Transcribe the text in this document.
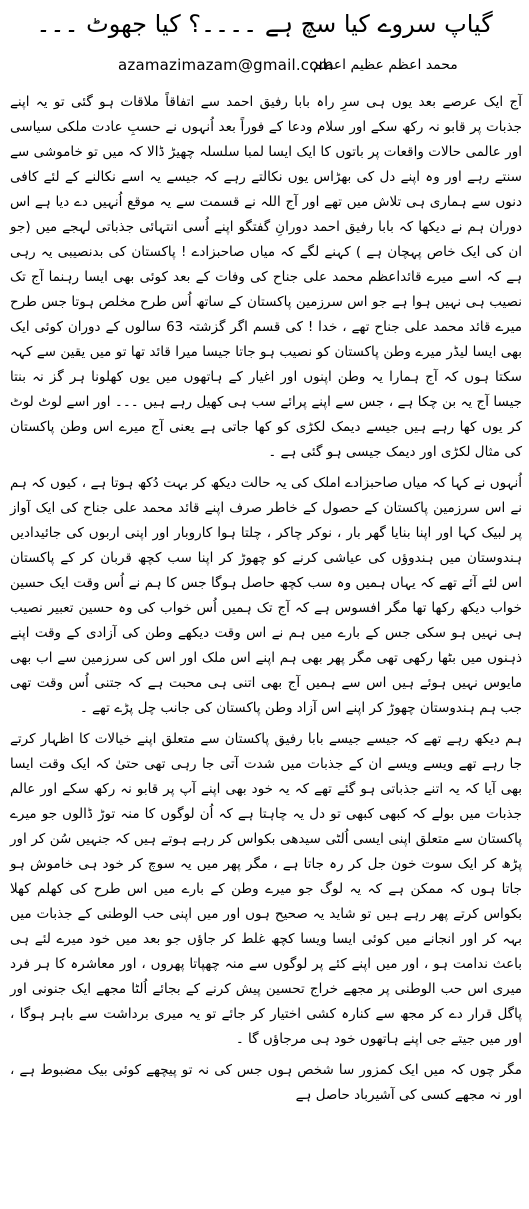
گیاپ سروے کیا سچ ہے ۔۔۔۔؟ کیا جھوٹ ۔۔۔
azamazimazam@gmail.com
محمد اعظم عظیم اعظم

آج ایک عرصے بعد یوں ہی سرِ راہ بابا رفیق احمد سے اتفاقاً ملاقات ہو گئی تو یہ اپنے جذبات پر قابو نہ رکھ سکے اور سلام ودعا کے فوراً بعد اُنہوں نے حسبِ عادت ملکی سیاسی اور عالمی حالات واقعات پر باتوں کا ایک ایسا لمبا سلسلہ چھیڑ ڈالا کہ میں تو خاموشی سے سنتے رہے اور وہ اپنے دل کی بھڑاس یوں نکالتے رہے کہ جیسے یہ اسے نکالنے کے لئے کافی دنوں سے ہماری ہی تلاش میں تھے اور آج اللہ نے قسمت سے یہ موقع اُنہیں دے دیا ہے اس دوران ہم نے دیکھا کہ بابا رفیق احمد دورانِ گفتگو اپنے اُسی انتہائی جذباتی لہجے میں (جو ان کی ایک خاص پہچان ہے ) کہنے لگے کہ میاں صاحبزادے ! پاکستان کی بدنصیبی یہ رہی ہے کہ اسے میرے قائداعظم محمد علی جناح کی وفات کے بعد کوئی بھی ایسا رہنما آج تک نصیب ہی نہیں ہوا ہے جو اس سرزمین پاکستان کے ساتھ اُس طرح مخلص ہوتا جس طرح میرے قائد محمد علی جناح تھے ، خدا ! کی قسم اگر گزشتہ 63 سالوں کے دوران کوئی ایک بھی ایسا لیڈر میرے وطن پاکستان کو نصیب ہو جاتا جیسا میرا قائد تھا تو میں یقین سے کہہ سکتا ہوں کہ آج ہمارا یہ وطن اپنوں اور اغیار کے ہاتھوں میں یوں کھلونا ہر گز نہ بنتا جیسا آج یہ بن چکا ہے ، جس سے اپنے پرائے سب ہی کھیل رہے ہیں ۔۔۔ اور اسے لوٹ لوٹ کر یوں کھا رہے ہیں جیسے دیمک لکڑی کو کھا جاتی ہے یعنی آج میرے اس وطن پاکستان کی مثال لکڑی اور دیمک جیسی ہو گئی ہے ۔

اُنہوں نے کہا کہ میاں صاحبزادے املک کی یہ حالت دیکھ کر بہت دُکھ ہوتا ہے ، کیوں کہ ہم نے اس سرزمین پاکستان کے حصول کے خاطر صرف اپنے قائد محمد علی جناح کی ایک آواز پر لبیک کہا اور اپنا بنایا گھر بار ، نوکر چاکر ، چلتا ہوا کاروبار اور اپنی اربوں کی جائیدادیں ہندوستان میں ہندوؤں کی عیاشی کرنے کو چھوڑ کر اپنا سب کچھ قربان کر کے پاکستان اس لئے آئے تھے کہ یہاں ہمیں وہ سب کچھ حاصل ہوگا جس کا ہم نے اُس وقت ایک حسین خواب دیکھ رکھا تھا مگر افسوس ہے کہ آج تک ہمیں اُس خواب کی وہ حسین تعبیر نصیب ہی نہیں ہو سکی جس کے بارے میں ہم نے اس وقت دیکھے وطن کی آزادی کے وقت اپنے ذہنوں میں بٹھا رکھی تھی مگر پھر بھی ہم اپنے اس ملک اور اس کی سرزمین سے اب بھی مایوس نہیں ہوئے ہیں اس سے ہمیں آج بھی اتنی ہی محبت ہے کہ جتنی اُس وقت تھی جب ہم ہندوستان چھوڑ کر اپنے اس آزاد وطن پاکستان کی جانب چل پڑے تھے ۔

ہم دیکھ رہے تھے کہ جیسے جیسے بابا رفیق پاکستان سے متعلق اپنے خیالات کا اظہار کرتے جا رہے تھے ویسے ویسے ان کے جذبات میں شدت آتی جا رہی تھی حتیٰ کہ ایک وقت ایسا بھی آیا کہ یہ اتنے جذباتی ہو گئے تھے کہ یہ خود بھی اپنے آپ پر قابو نہ رکھ سکے اور عالم جذبات میں بولے کہ کبھی کبھی تو دل یہ چاہتا ہے کہ اُن لوگوں کا منہ توڑ ڈالوں جو میرے پاکستان سے متعلق اپنی ایسی اُلٹی سیدھی بکواس کر رہے ہوتے ہیں کہ جنہیں سُن کر اور پڑھ کر ایک سوت خون جل کر رہ جاتا ہے ، مگر پھر میں یہ سوچ کر خود ہی خاموش ہو جاتا ہوں کہ ممکن ہے کہ یہ لوگ جو میرے وطن کے بارے میں اس طرح کی کھلم کھلا بکواس کرتے پھر رہے ہیں تو شاید یہ صحیح ہوں اور میں اپنی حب الوطنی کے جذبات میں بہہ کر اور انجانے میں کوئی ایسا ویسا کچھ غلط کر جاؤں جو بعد میں خود میرے لئے ہی باعث ندامت ہو ، اور میں اپنے کئے پر لوگوں سے منہ چھپاتا پھروں ، اور معاشرہ کا ہر فرد میری اس حب الوطنی پر مجھے خراج تحسین پیش کرنے کے بجائے اُلٹا مجھے ایک جنونی اور پاگل قرار دے کر مجھ سے کنارہ کشی اختیار کر جائے تو یہ میری برداشت سے باہر ہوگا ، اور میں جیتے جی اپنے ہاتھوں خود ہی مرجاؤں گا ۔

مگر چوں کہ میں ایک کمزور سا شخص ہوں جس کی نہ تو پیچھے کوئی بیک مضبوط ہے ، اور نہ مجھے کسی کی آشیرباد حاصل ہے
